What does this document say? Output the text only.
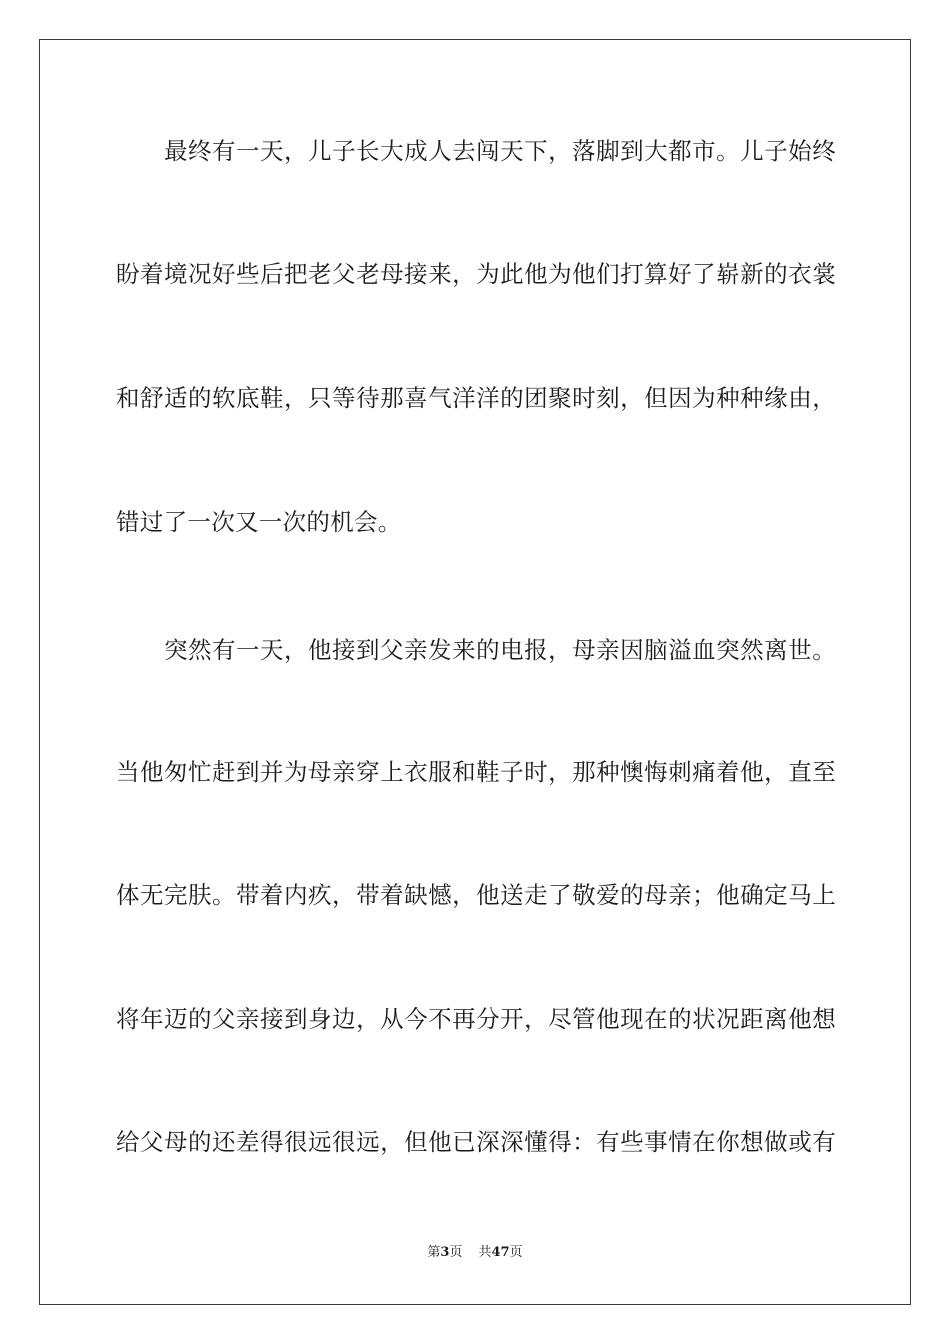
最终有一天，儿子长大成人去闯天下，落脚到大都市。儿子始终
盼着境况好些后把老父老母接来，为此他为他们打算好了崭新的衣裳
和舒适的软底鞋，只等待那喜气洋洋的团聚时刻，但因为种种缘由，
错过了一次又一次的机会。
突然有一天，他接到父亲发来的电报，母亲因脑溢血突然离世。
当他匆忙赶到并为母亲穿上衣服和鞋子时，那种懊悔刺痛着他，直至
体无完肤。带着内疚，带着缺憾，他送走了敬爱的母亲；他确定马上
将年迈的父亲接到身边，从今不再分开，尽管他现在的状况距离他想
给父母的还差得很远很远，但他已深深懂得：有些事情在你想做或有
第3页 共47页
